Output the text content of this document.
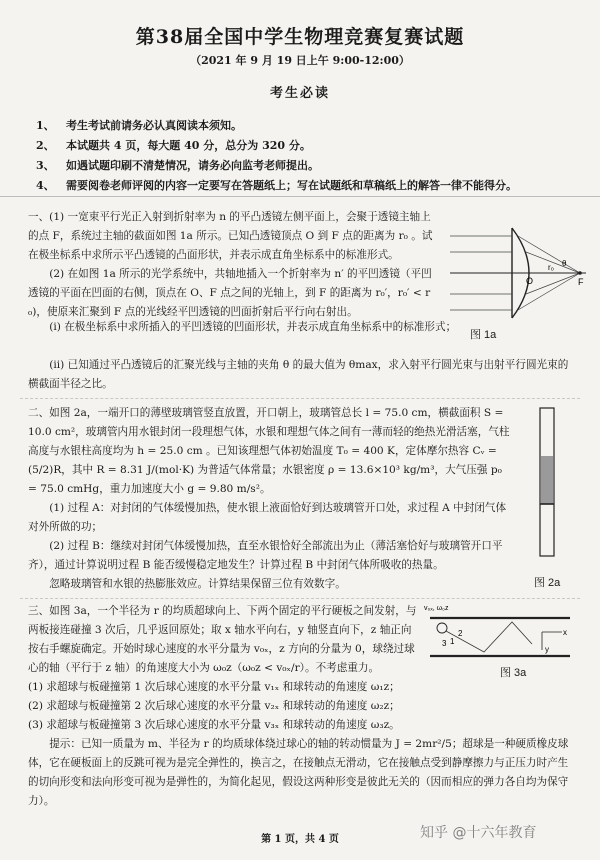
第38届全国中学生物理竞赛复赛试题
（2021 年 9 月 19 日上午 9:00-12:00）
考生必读
1、 考生考试前请务必认真阅读本须知。
2、 本试题共 4 页，每大题 40 分，总分为 320 分。
3、 如遇试题印刷不清楚情况，请务必向监考老师提出。
4、 需要阅卷老师评阅的内容一定要写在答题纸上；写在试题纸和草稿纸上的解答一律不能得分。

一、(1) 一宽束平行光正入射到折射率为 n 的平凸透镜左侧平面上，会聚于透镜主轴上的点 F，系统过主轴的截面如图 1a 所示。已知凸透镜顶点 O 到 F 点的距离为 r₀ 。试在极坐标系中求所示平凸透镜的凸面形状，并表示成直角坐标系中的标准形式。

(2) 在如图 1a 所示的光学系统中，共轴地插入一个折射率为 n′ 的平凹透镜（平凹透镜的平面在凹面的右侧，顶点在 O、F 点之间的光轴上，到 F 的距离为 r₀′，r₀′ < r₀)，使原来汇聚到 F 点的光线经平凹透镜的凹面折射后平行向右射出。

O	F
r₀ θ
图 1a

(i) 在极坐标系中求所插入的平凹透镜的凹面形状，并表示成直角坐标系中的标准形式；

(ii) 已知通过平凸透镜后的汇聚光线与主轴的夹角 θ 的最大值为 θmax，求入射平行圆光束与出射平行圆光束的横截面半径之比。

二、如图 2a，一端开口的薄壁玻璃管竖直放置，开口朝上，玻璃管总长 l = 75.0 cm，横截面积 S = 10.0 cm²，玻璃管内用水银封闭一段理想气体，水银和理想气体之间有一薄而轻的绝热光滑活塞，气柱高度与水银柱高度均为 h = 25.0 cm 。已知该理想气体初始温度 T₀ = 400 K，定体摩尔热容 Cᵥ = (5/2)R，其中 R = 8.31 J/(mol·K) 为普适气体常量；水银密度 ρ = 13.6×10³ kg/m³，大气压强 p₀ = 75.0 cmHg，重力加速度大小 g = 9.80 m/s²。

(1) 过程 A：对封闭的气体缓慢加热，使水银上液面恰好到达玻璃管开口处，求过程 A 中封闭气体对外所做的功；

(2) 过程 B：继续对封闭气体缓慢加热，直至水银恰好全部流出为止（薄活塞恰好与玻璃管开口平齐），通过计算说明过程 B 能否缓慢稳定地发生？计算过程 B 中封闭气体所吸收的热量。

忽略玻璃管和水银的热膨胀效应。计算结果保留三位有效数字。	图 2a

三、如图 3a，一个半径为 r 的均质超球向上、下两个固定的平行硬板之间发射，与两板接连碰撞 3 次后，几乎返回原处；取 x 轴水平向右，y 轴竖直向下，z 轴正向按右手螺旋确定。开始时球心速度的水平分量为 v₀ₓ，z 方向的分量为 0，球绕过球心的轴（平行于 z 轴）的角速度大小为 ω₀z（ω₀z < v₀ₓ/r）。不考虑重力。

v₀ₓ, ω₀z
1
2
3
x
y
图 3a

(1) 求超球与板碰撞第 1 次后球心速度的水平分量 v₁ₓ 和球转动的角速度 ω₁z；

(2) 求超球与板碰撞第 2 次后球心速度的水平分量 v₂ₓ 和球转动的角速度 ω₂z；

(3) 求超球与板碰撞第 3 次后球心速度的水平分量 v₃ₓ 和球转动的角速度 ω₃z。

提示：已知一质量为 m、半径为 r 的均质球体绕过球心的轴的转动惯量为 J = 2mr²/5；超球是一种硬质橡皮球体，它在硬板面上的反跳可视为是完全弹性的，换言之，在接触点无滑动，它在接触点受到静摩擦力与正压力时产生的切向形变和法向形变可视为是弹性的，为简化起见，假设这两种形变是彼此无关的（因而相应的弹力各自均为保守力）。

第 1 页，共 4 页	知乎 @十六年教育
